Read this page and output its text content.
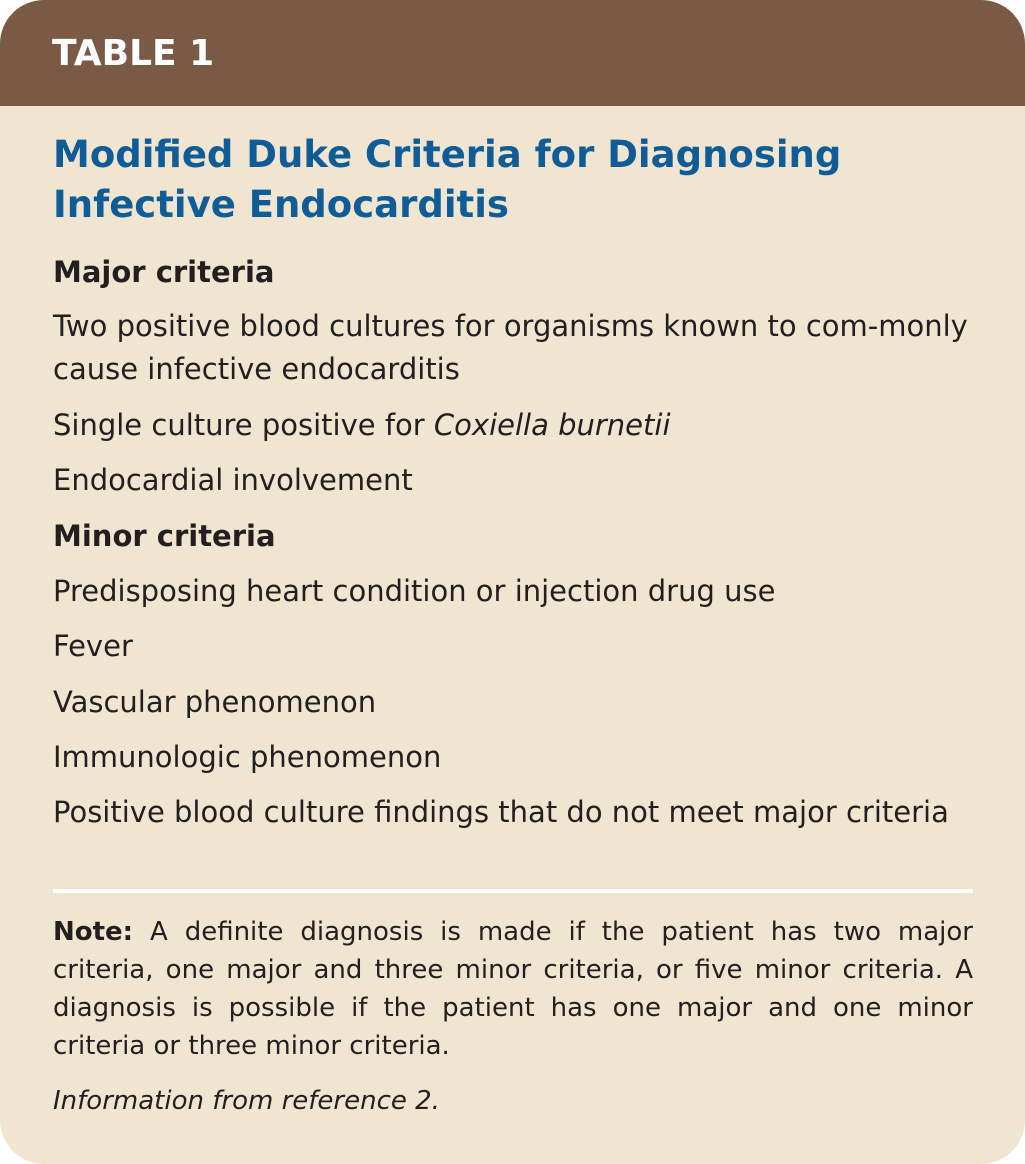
TABLE 1
Modified Duke Criteria for Diagnosing Infective Endocarditis
Major criteria
Two positive blood cultures for organisms known to com-monly cause infective endocarditis
Single culture positive for Coxiella burnetii
Endocardial involvement
Minor criteria
Predisposing heart condition or injection drug use
Fever
Vascular phenomenon
Immunologic phenomenon
Positive blood culture findings that do not meet major criteria

Note: A definite diagnosis is made if the patient has two major criteria, one major and three minor criteria, or five minor criteria. A diagnosis is possible if the patient has one major and one minor criteria or three minor criteria.

Information from reference 2.
